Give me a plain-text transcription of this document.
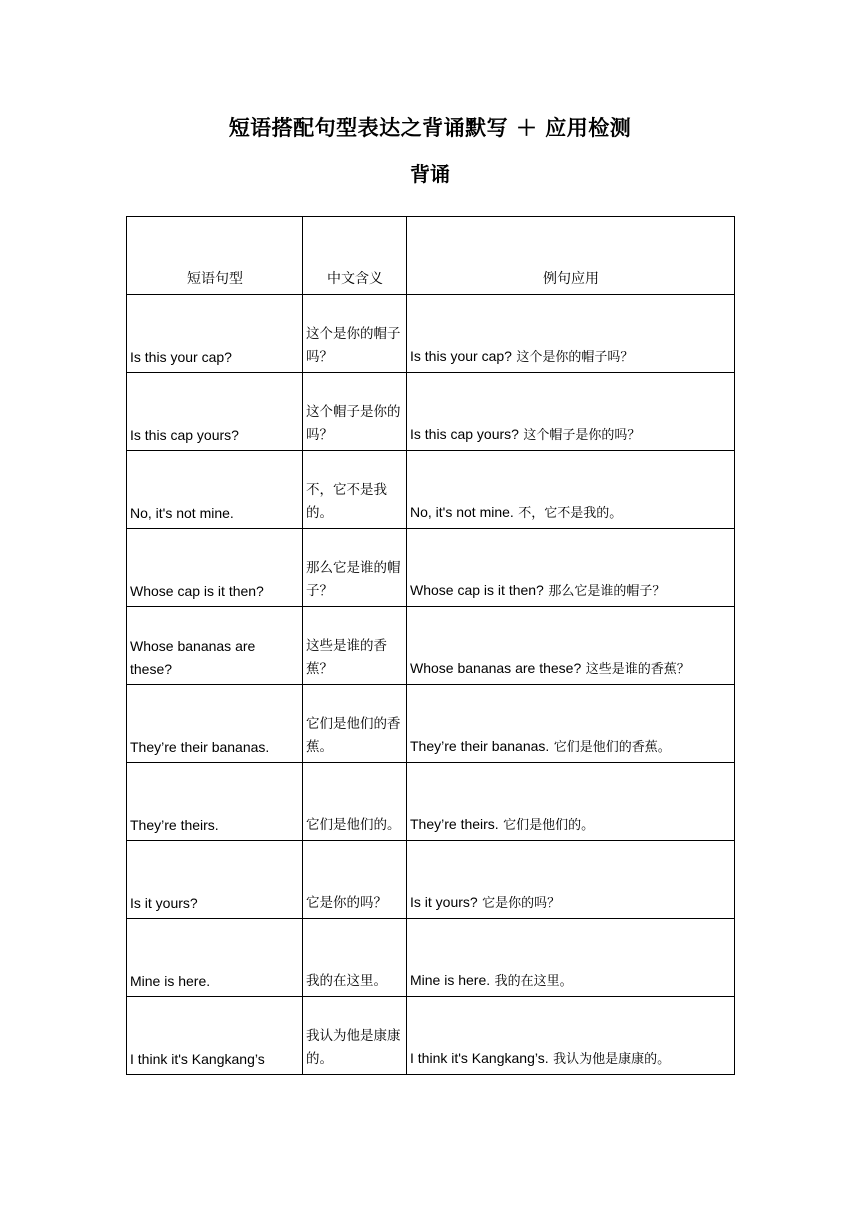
短语搭配句型表达之背诵默写 ＋ 应用检测
背诵
短语句型	中文含义	例句应用
Is this your cap?	这个是你的帽子吗？	Is this your cap? 这个是你的帽子吗？
Is this cap yours?	这个帽子是你的吗？	Is this cap yours? 这个帽子是你的吗？
No, it's not mine.	不，它不是我的。	No, it's not mine. 不，它不是我的。
Whose cap is it then?	那么它是谁的帽子？	Whose cap is it then? 那么它是谁的帽子？
Whose bananas are these?	这些是谁的香蕉？	Whose bananas are these? 这些是谁的香蕉？
They’re their bananas.	它们是他们的香蕉。	They’re their bananas. 它们是他们的香蕉。
They’re theirs.	它们是他们的。	They’re theirs. 它们是他们的。
Is it yours?	它是你的吗？	Is it yours? 它是你的吗？
Mine is here.	我的在这里。	Mine is here. 我的在这里。
I think it's Kangkang’s	我认为他是康康的。	I think it's Kangkang’s. 我认为他是康康的。
